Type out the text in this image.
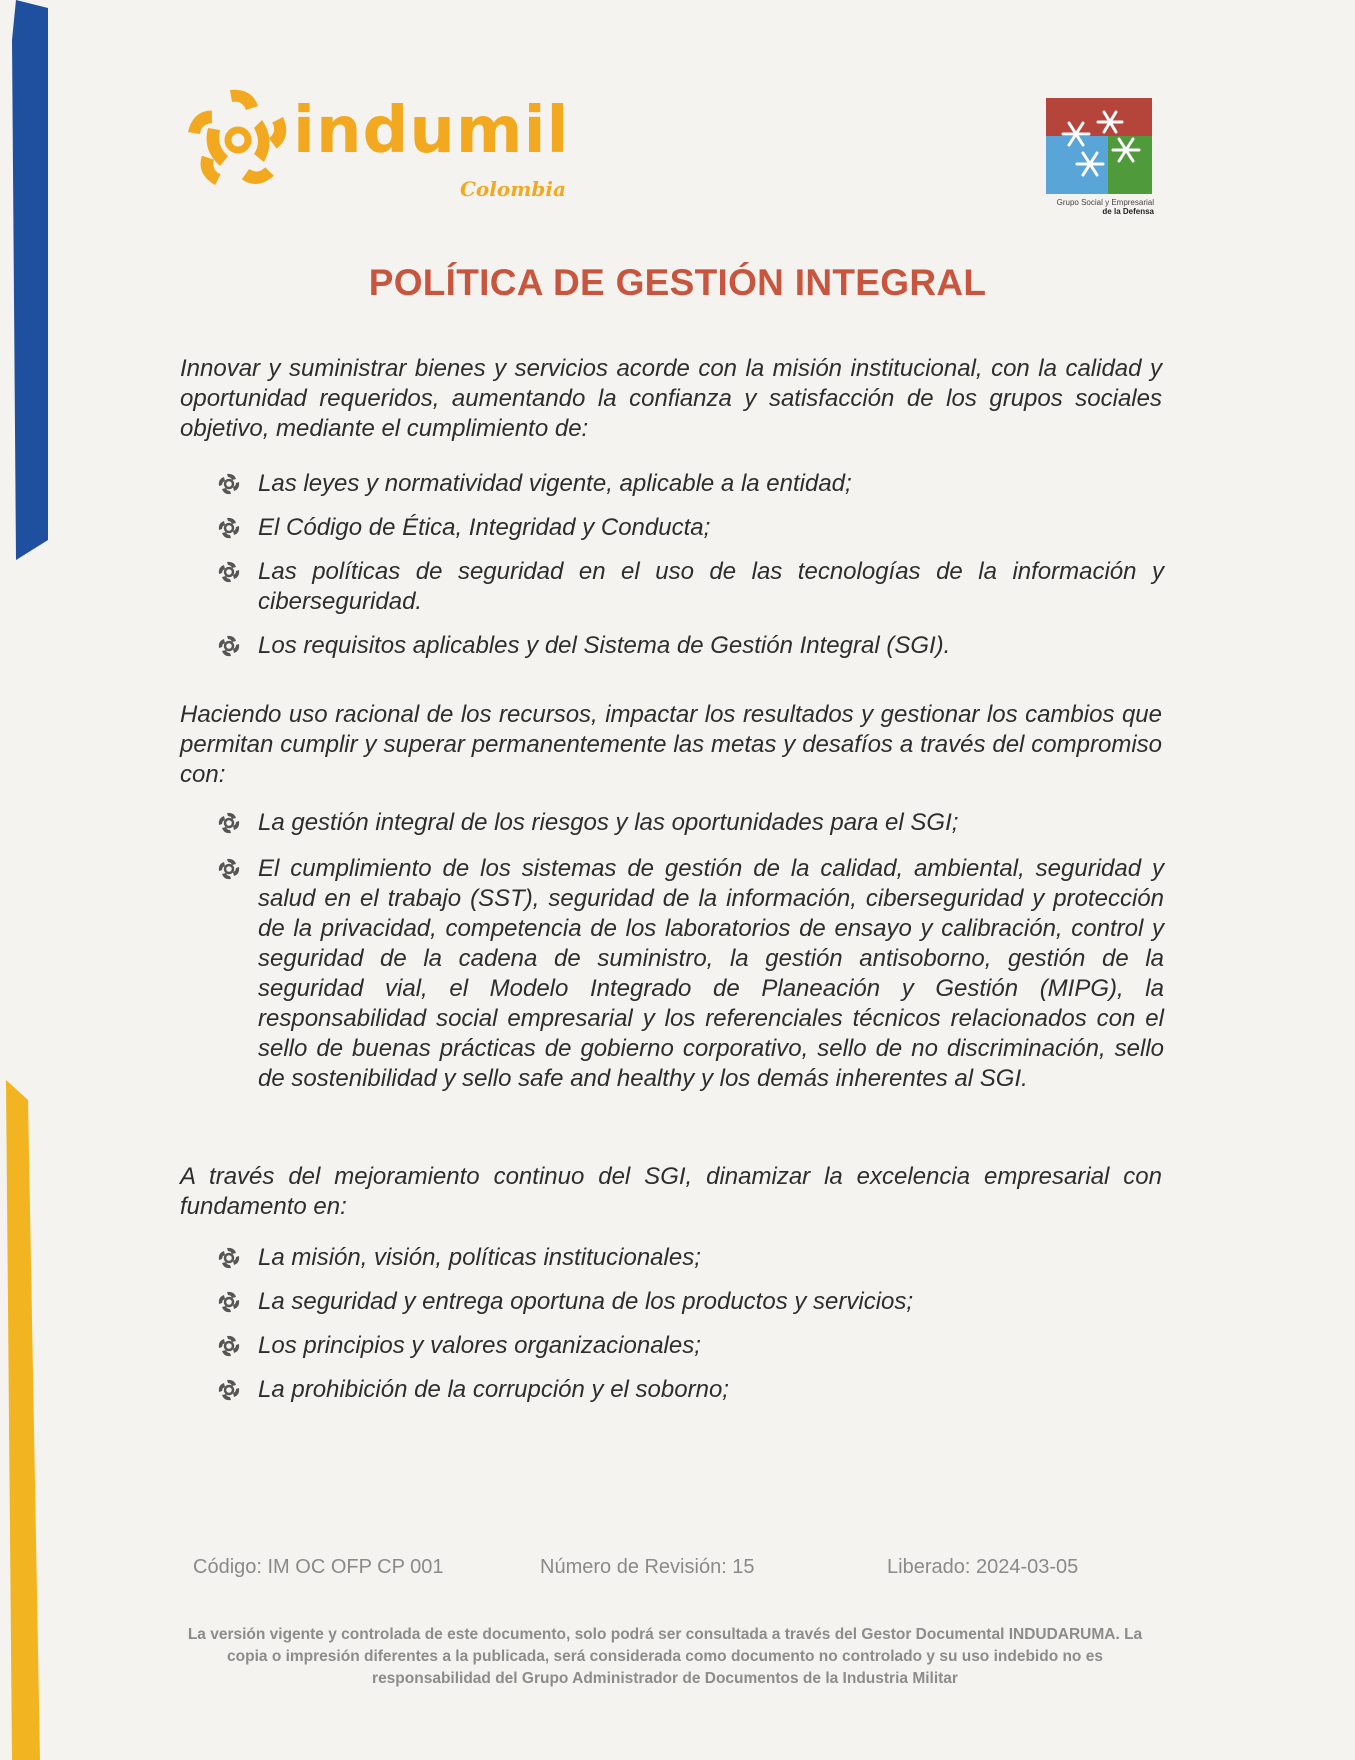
indumil
Colombia
Grupo Social y Empresarial
de la Defensa
POLÍTICA DE GESTIÓN INTEGRAL
Innovar y suministrar bienes y servicios acorde con la misión institucional, con la calidad y oportunidad requeridos, aumentando la confianza y satisfacción de los grupos sociales objetivo, mediante el cumplimiento de:
Las leyes y normatividad vigente, aplicable a la entidad;
El Código de Ética, Integridad y Conducta;
Las políticas de seguridad en el uso de las tecnologías de la información y ciberseguridad.
Los requisitos aplicables y del Sistema de Gestión Integral (SGI).
Haciendo uso racional de los recursos, impactar los resultados y gestionar los cambios que permitan cumplir y superar permanentemente las metas y desafíos a través del compromiso con:
La gestión integral de los riesgos y las oportunidades para el SGI;
El cumplimiento de los sistemas de gestión de la calidad, ambiental, seguridad y salud en el trabajo (SST), seguridad de la información, ciberseguridad y protección de la privacidad, competencia de los laboratorios de ensayo y calibración, control y seguridad de la cadena de suministro, la gestión antisoborno, gestión de la seguridad vial, el Modelo Integrado de Planeación y Gestión (MIPG), la responsabilidad social empresarial y los referenciales técnicos relacionados con el sello de buenas prácticas de gobierno corporativo, sello de no discriminación, sello de sostenibilidad y sello safe and healthy y los demás inherentes al SGI.
A través del mejoramiento continuo del SGI, dinamizar la excelencia empresarial con fundamento en:
La misión, visión, políticas institucionales;
La seguridad y entrega oportuna de los productos y servicios;
Los principios y valores organizacionales;
La prohibición de la corrupción y el soborno;
Código: IM OC OFP CP 001	Número de Revisión: 15	Liberado: 2024-03-05
La versión vigente y controlada de este documento, solo podrá ser consultada a través del Gestor Documental INDUDARUMA. La copia o impresión diferentes a la publicada, será considerada como documento no controlado y su uso indebido no es responsabilidad del Grupo Administrador de Documentos de la Industria Militar
